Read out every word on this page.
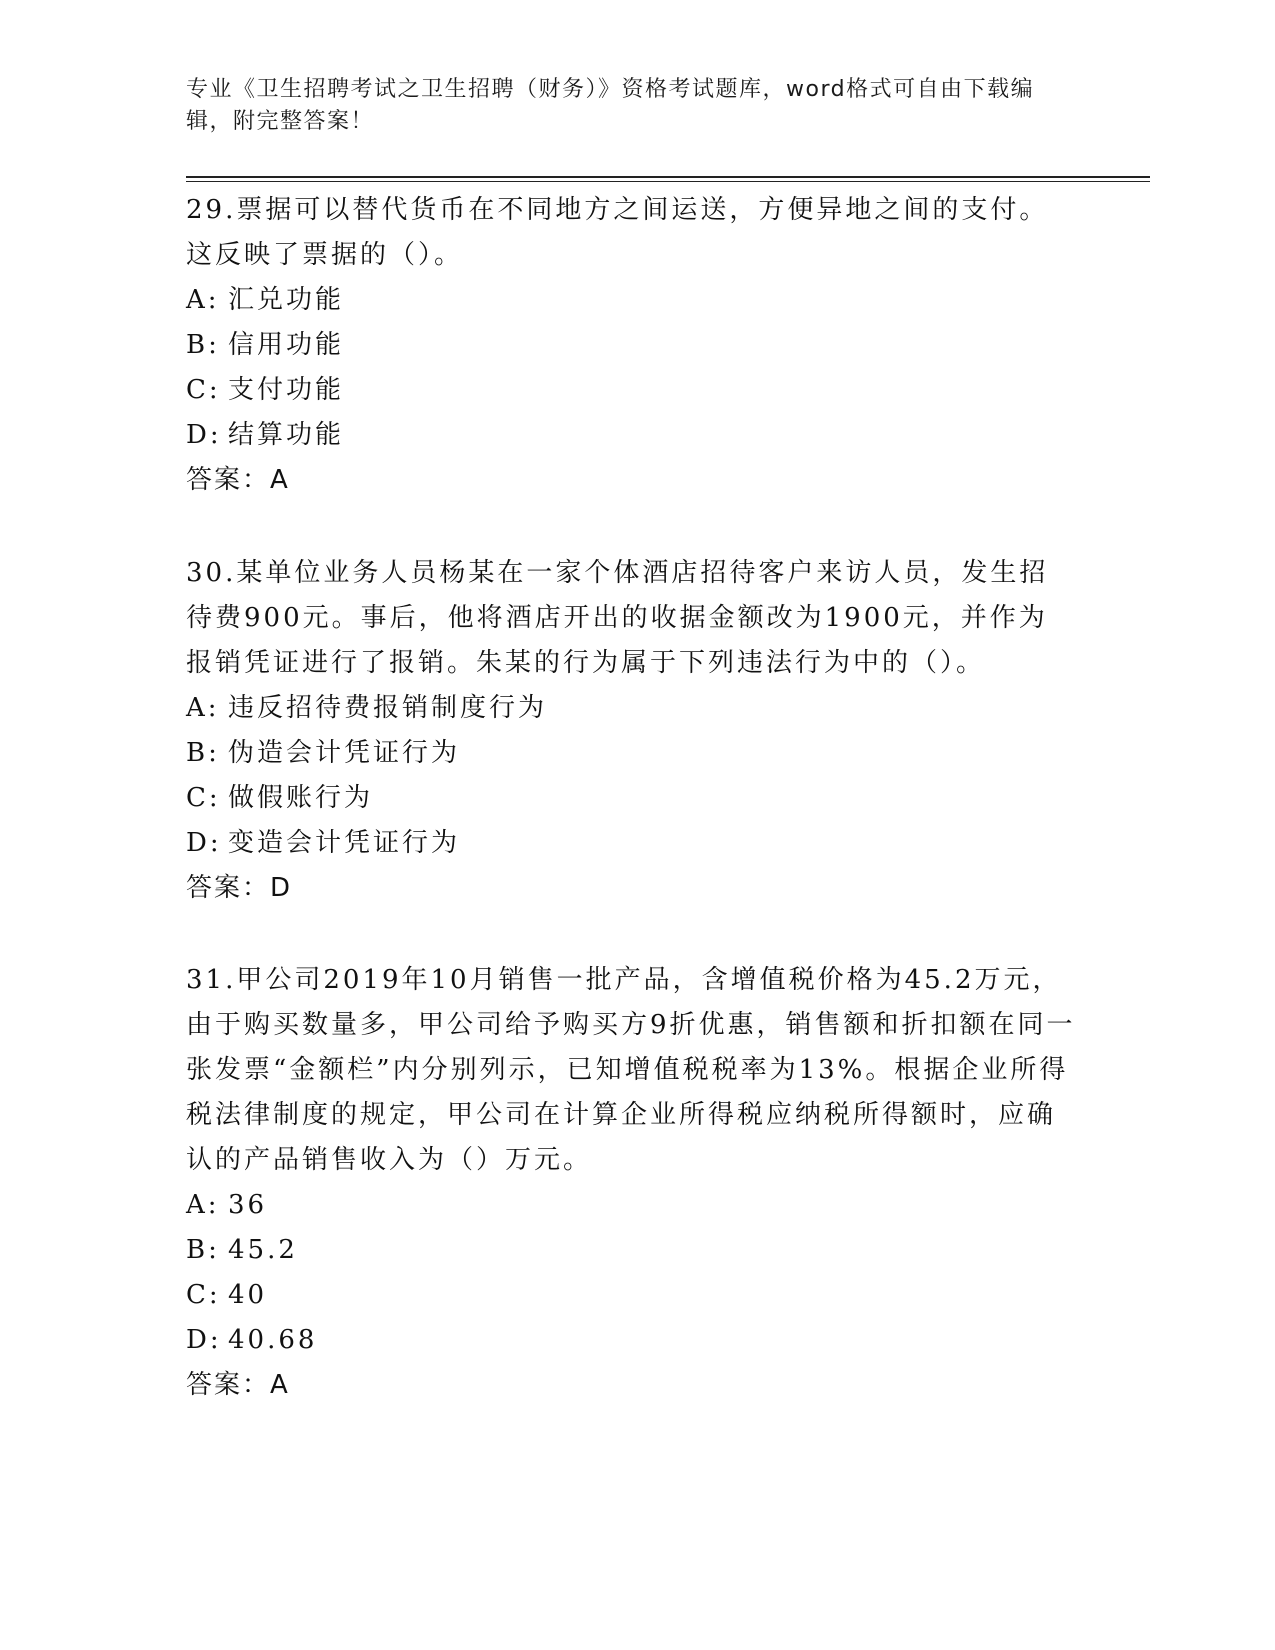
专业《卫生招聘考试之卫生招聘（财务）》资格考试题库，word格式可自由下载编辑，附完整答案！

29.票据可以替代货币在不同地方之间运送，方便异地之间的支付。这反映了票据的（）。

A: 汇兑功能

B: 信用功能

C: 支付功能

D: 结算功能

答案：A

30.某单位业务人员杨某在一家个体酒店招待客户来访人员，发生招待费900元。事后，他将酒店开出的收据金额改为1900元，并作为报销凭证进行了报销。朱某的行为属于下列违法行为中的（）。

A: 违反招待费报销制度行为

B: 伪造会计凭证行为

C: 做假账行为

D: 变造会计凭证行为

答案：D

31.甲公司2019年10月销售一批产品，含增值税价格为45.2万元，由于购买数量多，甲公司给予购买方9折优惠，销售额和折扣额在同一张发票“金额栏”内分别列示，已知增值税税率为13%。根据企业所得税法律制度的规定，甲公司在计算企业所得税应纳税所得额时，应确认的产品销售收入为（）万元。

A: 36

B: 45.2

C: 40

D: 40.68

答案：A
